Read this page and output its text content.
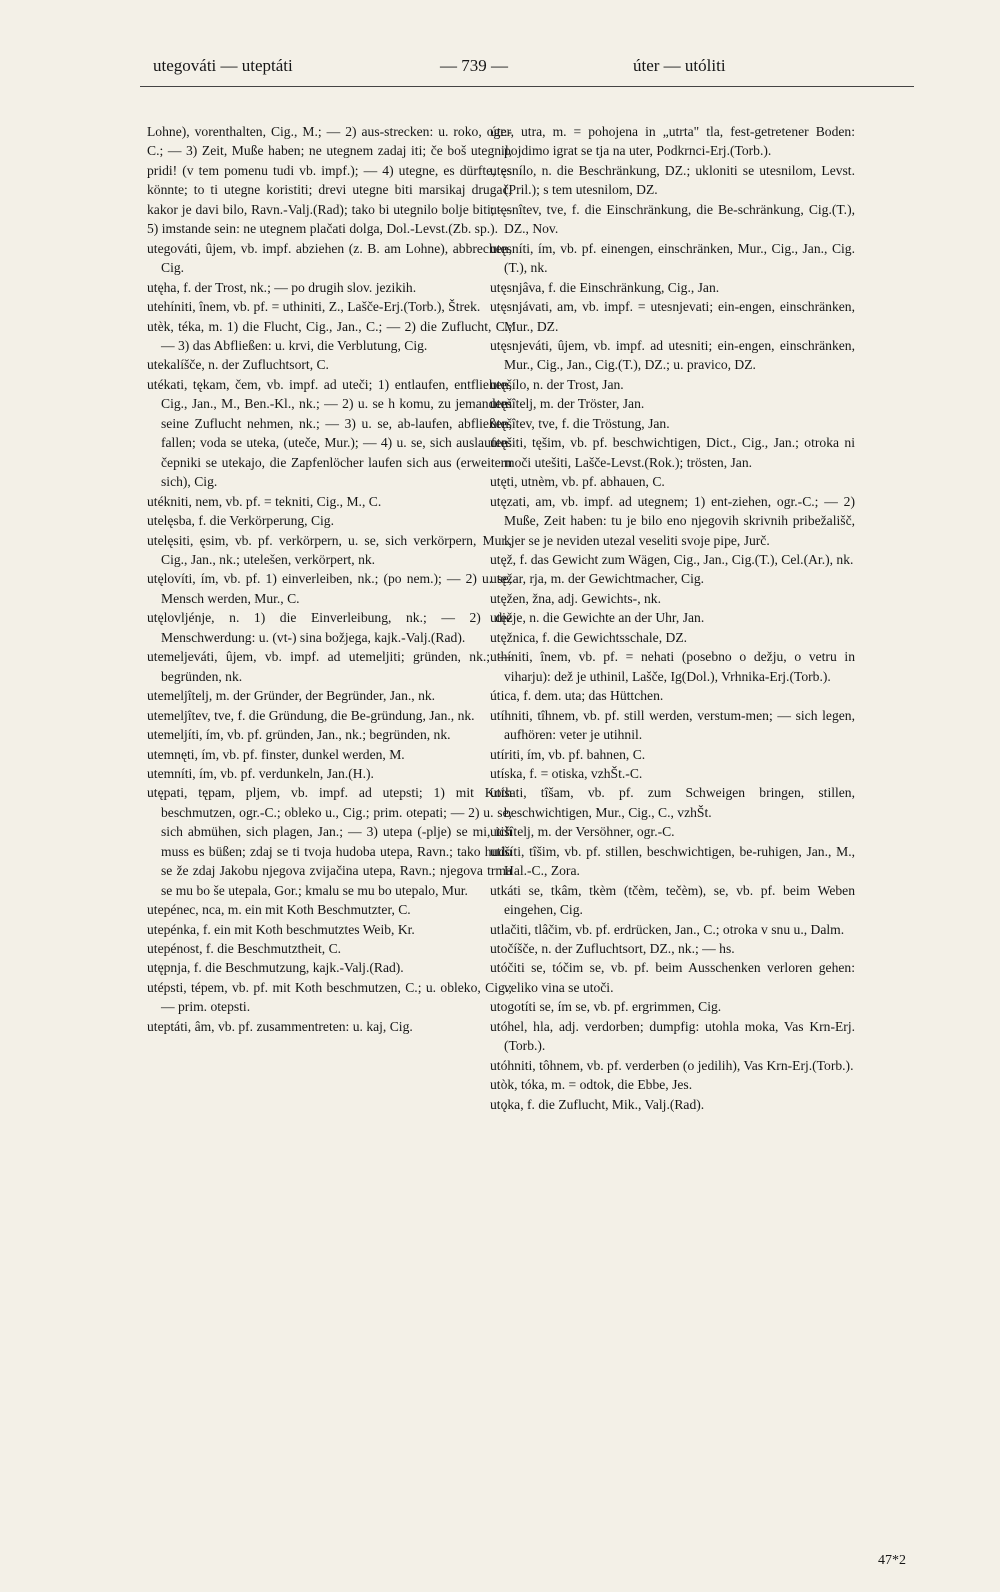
utegováti — uteptáti	— 739 —	úter — utóliti

Lohne), vorenthalten, Cig., M.; — 2) aus-strecken: u. roko, ogr.-C.; — 3) Zeit, Muße haben; ne utegnem zadaj iti; če boš utegnil, pridi! (v tem pomenu tudi vb. impf.); — 4) utegne, es dürfte, es könnte; to ti utegne koristiti; drevi utegne biti marsikaj drugač, kakor je davi bilo, Ravn.-Valj.(Rad); tako bi utegnilo bolje biti; — 5) imstande sein: ne utegnem plačati dolga, Dol.-Levst.(Zb. sp.).

utegováti, ûjem, vb. impf. abziehen (z. B. am Lohne), abbrechen, Cig.

utęha, f. der Trost, nk.; — po drugih slov. jezikih.

utehíniti, înem, vb. pf. = uthiniti, Z., Lašče-Erj.(Torb.), Štrek.

utèk, téka, m. 1) die Flucht, Cig., Jan., C.; — 2) die Zuflucht, C.; — 3) das Abfließen: u. krvi, die Verblutung, Cig.

utekalíšče, n. der Zufluchtsort, C.

utékati, tękam, čem, vb. impf. ad uteči; 1) entlaufen, entfliehen, Cig., Jan., M., Ben.-Kl., nk.; — 2) u. se h komu, zu jemandem seine Zuflucht nehmen, nk.; — 3) u. se, ab-laufen, abfließen, fallen; voda se uteka, (uteče, Mur.); — 4) u. se, sich auslaufen: čepniki se utekajo, die Zapfenlöcher laufen sich aus (erweitern sich), Cig.

utékniti, nem, vb. pf. = tekniti, Cig., M., C.

utelęsba, f. die Verkörperung, Cig.

utelęsiti, ęsim, vb. pf. verkörpern, u. se, sich verkörpern, Mur., Cig., Jan., nk.; utelešen, verkörpert, nk.

utęlovíti, ím, vb. pf. 1) einverleiben, nk.; (po nem.); — 2) u. se, Mensch werden, Mur., C.

utęlovljénje, n. 1) die Einverleibung, nk.; — 2) die Menschwerdung: u. (vt-) sina božjega, kajk.-Valj.(Rad).

utemeljeváti, ûjem, vb. impf. ad utemeljiti; gründen, nk.; — begründen, nk.

utemeljîtelj, m. der Gründer, der Begründer, Jan., nk.

utemeljîtev, tve, f. die Gründung, die Be-gründung, Jan., nk.

utemeljíti, ím, vb. pf. gründen, Jan., nk.; begründen, nk.

utemnęti, ím, vb. pf. finster, dunkel werden, M.

utemníti, ím, vb. pf. verdunkeln, Jan.(H.).

utępati, tępam, pljem, vb. impf. ad utepsti; 1) mit Koth beschmutzen, ogr.-C.; obleko u., Cig.; prim. otepati; — 2) u. se, sich abmühen, sich plagen, Jan.; — 3) utepa (-plje) se mi, ich muss es büßen; zdaj se ti tvoja hudoba utepa, Ravn.; tako hudo se že zdaj Jakobu njegova zvijačina utepa, Ravn.; njegova trma se mu bo še utepala, Gor.; kmalu se mu bo utepalo, Mur.

utepénec, nca, m. ein mit Koth Beschmutzter, C.

utepénka, f. ein mit Koth beschmutztes Weib, Kr.

utepénost, f. die Beschmutztheit, C.

utępnja, f. die Beschmutzung, kajk.-Valj.(Rad).

utépsti, tépem, vb. pf. mit Koth beschmutzen, C.; u. obleko, Cig.; — prim. otepsti.

uteptáti, âm, vb. pf. zusammentreten: u. kaj, Cig.

úter, utra, m. = pohojena in „utrta" tla, fest-getretener Boden: pojdimo igrat se tja na uter, Podkrnci-Erj.(Torb.).

utęsnílo, n. die Beschränkung, DZ.; ukloniti se utesnilom, Levst.(Pril.); s tem utesnilom, DZ.

utęsnîtev, tve, f. die Einschränkung, die Be-schränkung, Cig.(T.), DZ., Nov.

utęsníti, ím, vb. pf. einengen, einschränken, Mur., Cig., Jan., Cig.(T.), nk.

utęsnjâva, f. die Einschränkung, Cig., Jan.

utęsnjávati, am, vb. impf. = utesnjevati; ein-engen, einschränken, Mur., DZ.

utęsnjeváti, ûjem, vb. impf. ad utesniti; ein-engen, einschränken, Mur., Cig., Jan., Cig.(T.), DZ.; u. pravico, DZ.

utęšílo, n. der Trost, Jan.

utęšîtelj, m. der Tröster, Jan.

utęšîtev, tve, f. die Tröstung, Jan.

utęšiti, tęšim, vb. pf. beschwichtigen, Dict., Cig., Jan.; otroka ni moči utešiti, Lašče-Levst.(Rok.); trösten, Jan.

utęti, utnèm, vb. pf. abhauen, C.

utęzati, am, vb. impf. ad utegnem; 1) ent-ziehen, ogr.-C.; — 2) Muße, Zeit haben: tu je bilo eno njegovih skrivnih pribežališč, kjer se je neviden utezal veseliti svoje pipe, Jurč.

utęž, f. das Gewicht zum Wägen, Cig., Jan., Cig.(T.), Cel.(Ar.), nk.

utęžar, rja, m. der Gewichtmacher, Cig.

utęžen, žna, adj. Gewichts-, nk.

utęžje, n. die Gewichte an der Uhr, Jan.

utęžnica, f. die Gewichtsschale, DZ.

uthíniti, înem, vb. pf. = nehati (posebno o dežju, o vetru in viharju): dež je uthinil, Lašče, Ig(Dol.), Vrhnika-Erj.(Torb.).

útica, f. dem. uta; das Hüttchen.

utíhniti, tîhnem, vb. pf. still werden, verstum-men; — sich legen, aufhören: veter je utihnil.

utíriti, ím, vb. pf. bahnen, C.

utíska, f. = otiska, vzhŠt.-C.

utísati, tîšam, vb. pf. zum Schweigen bringen, stillen, beschwichtigen, Mur., Cig., C., vzhŠt.

utišîtelj, m. der Versöhner, ogr.-C.

utišíti, tîšim, vb. pf. stillen, beschwichtigen, be-ruhigen, Jan., M., Hal.-C., Zora.

utkáti se, tkâm, tkèm (tčèm, tečèm), se, vb. pf. beim Weben eingehen, Cig.

utlačiti, tlâčim, vb. pf. erdrücken, Jan., C.; otroka v snu u., Dalm.

utočíšče, n. der Zufluchtsort, DZ., nk.; — hs.

utóčiti se, tóčim se, vb. pf. beim Ausschenken verloren gehen: veliko vina se utoči.

utogotíti se, ím se, vb. pf. ergrimmen, Cig.

utóhel, hla, adj. verdorben; dumpfig: utohla moka, Vas Krn-Erj.(Torb.).

utóhniti, tôhnem, vb. pf. verderben (o jedilih), Vas Krn-Erj.(Torb.).

utòk, tóka, m. = odtok, die Ebbe, Jes.

utǫka, f. die Zuflucht, Mik., Valj.(Rad).

47*2
